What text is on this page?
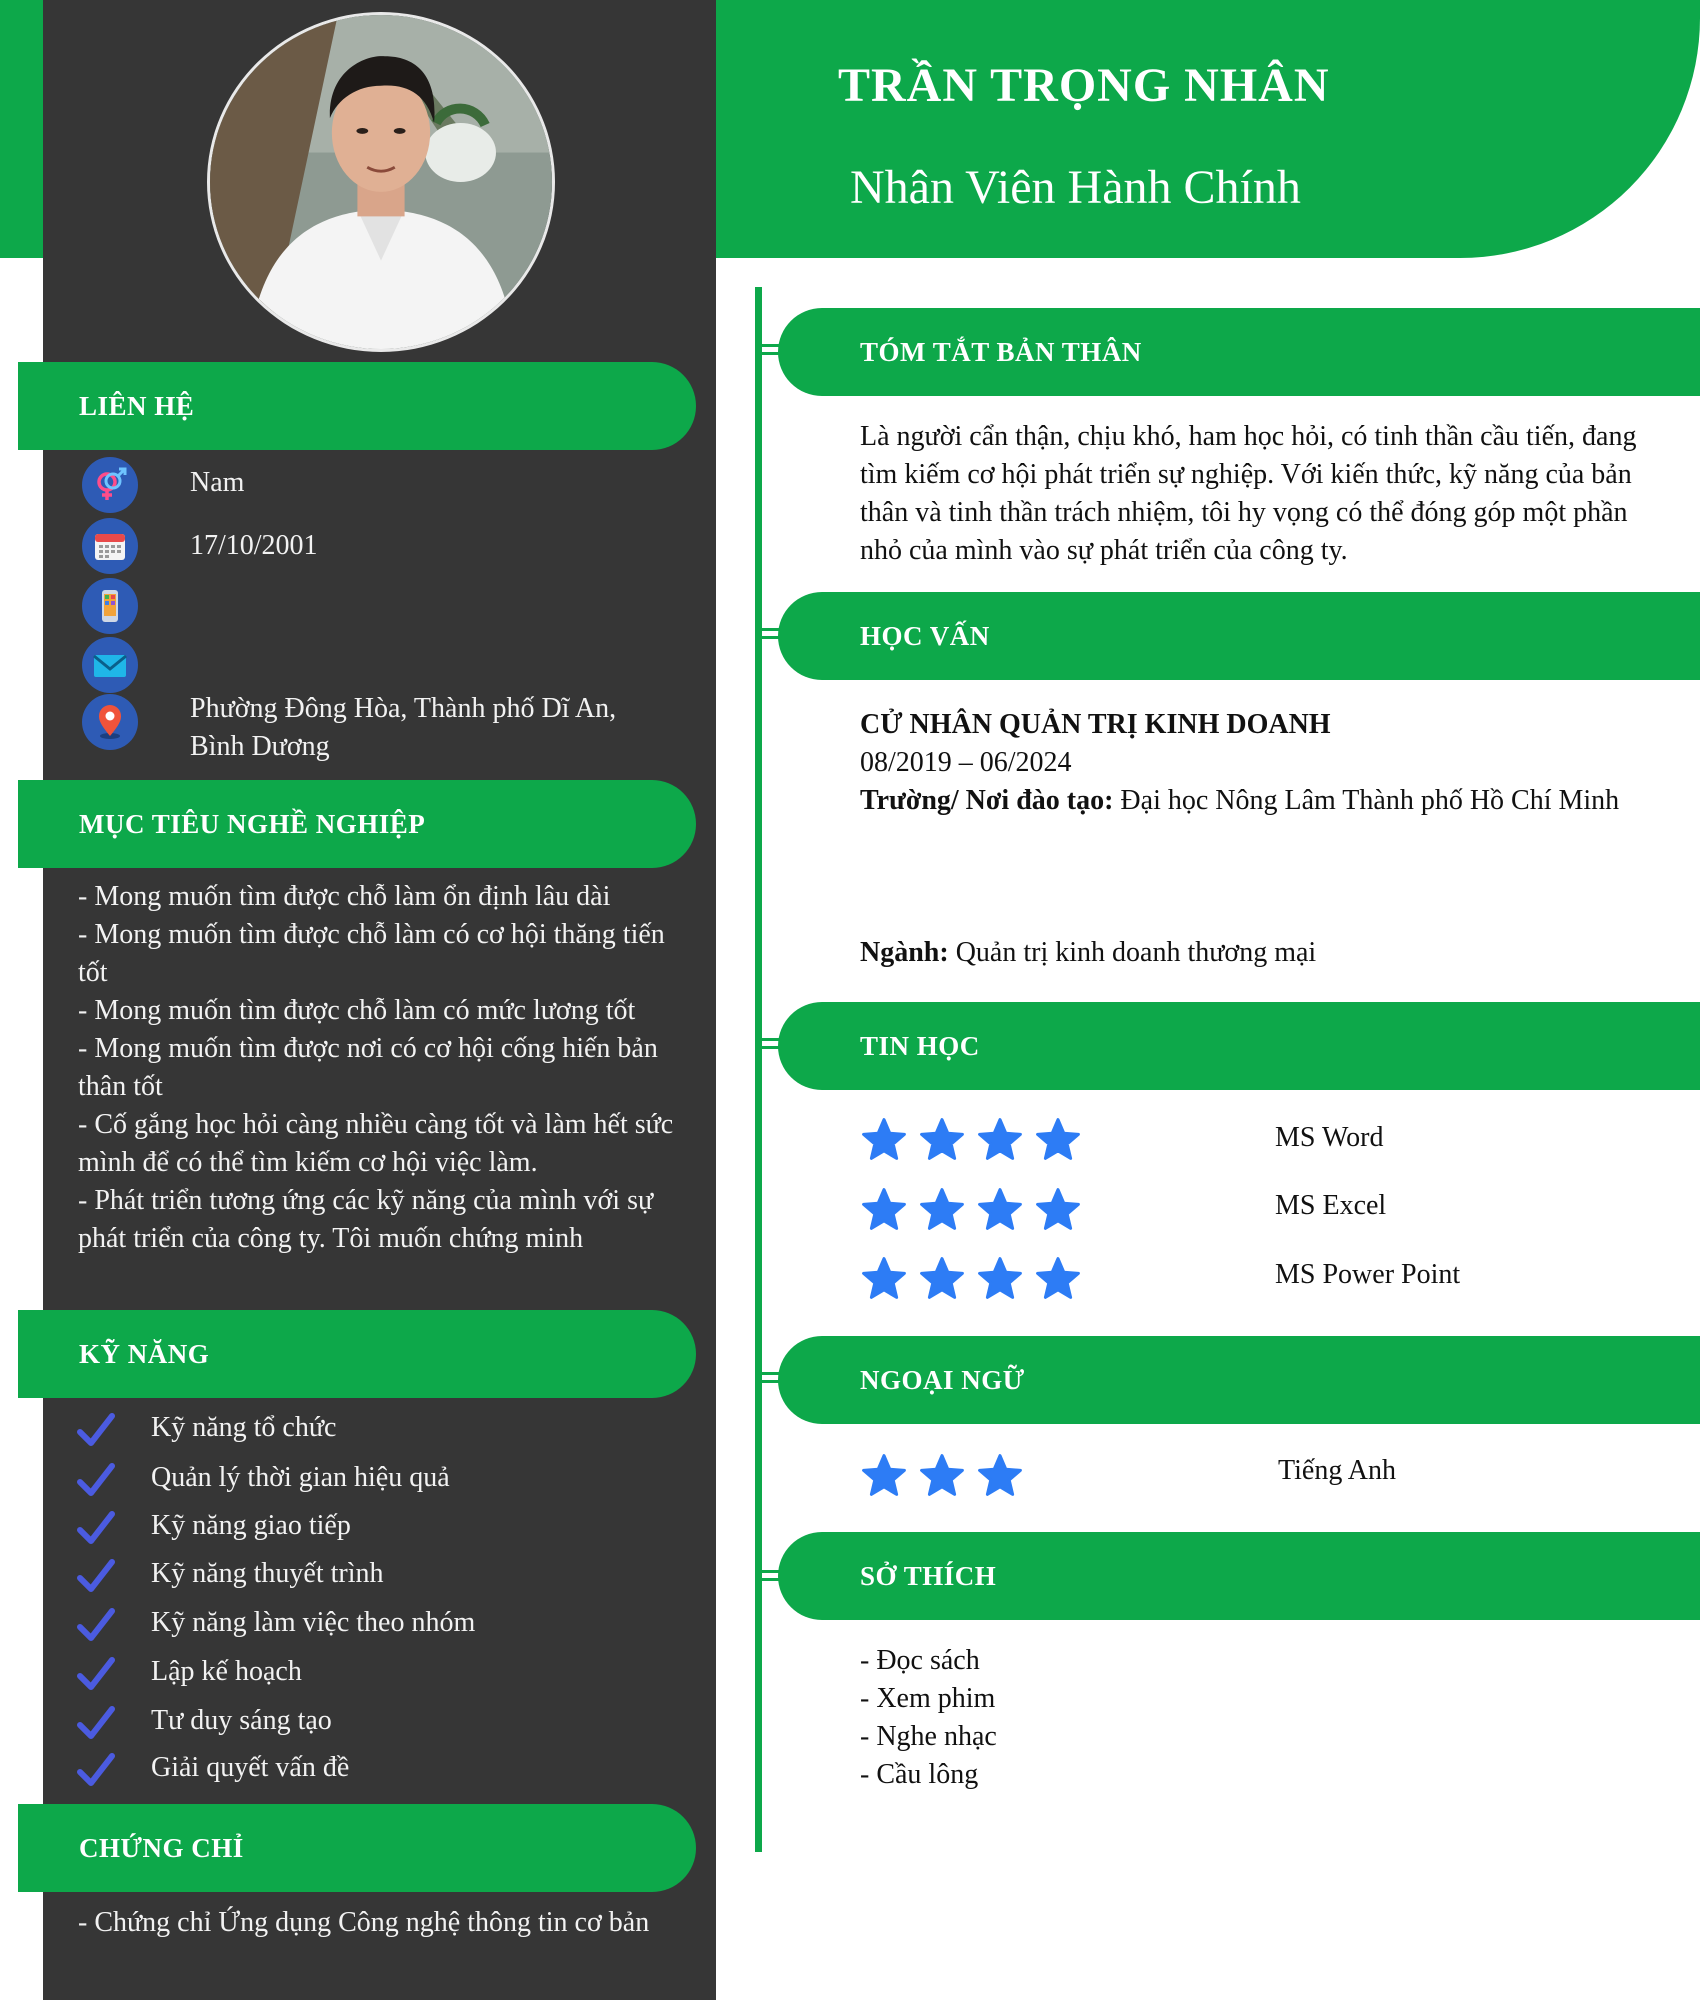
TRẦN TRỌNG NHÂN
Nhân Viên Hành Chính
LIÊN HỆ
Nam
17/10/2001
Phường Đông Hòa, Thành phố Dĩ An,
Bình Dương
MỤC TIÊU NGHỀ NGHIỆP
- Mong muốn tìm được chỗ làm ổn định lâu dài
- Mong muốn tìm được chỗ làm có cơ hội thăng tiến tốt
- Mong muốn tìm được chỗ làm có mức lương tốt
- Mong muốn tìm được nơi có cơ hội cống hiến bản thân tốt
- Cố gắng học hỏi càng nhiều càng tốt và làm hết sức mình để có thể tìm kiếm cơ hội việc làm.
- Phát triển tương ứng các kỹ năng của mình với sự phát triển của công ty. Tôi muốn chứng minh
KỸ NĂNG
Kỹ năng tổ chức
Quản lý thời gian hiệu quả
Kỹ năng giao tiếp
Kỹ năng thuyết trình
Kỹ năng làm việc theo nhóm
Lập kế hoạch
Tư duy sáng tạo
Giải quyết vấn đề
CHỨNG CHỈ
- Chứng chỉ Ứng dụng Công nghệ thông tin cơ bản
TÓM TẮT BẢN THÂN
Là người cẩn thận, chịu khó, ham học hỏi, có tinh thần cầu tiến, đang tìm kiếm cơ hội phát triển sự nghiệp. Với kiến thức, kỹ năng của bản thân và tinh thần trách nhiệm, tôi hy vọng có thể đóng góp một phần nhỏ của mình vào sự phát triển của công ty.
HỌC VẤN
CỬ NHÂN QUẢN TRỊ KINH DOANH
08/2019 – 06/2024
Trường/ Nơi đào tạo: Đại học Nông Lâm Thành phố Hồ Chí Minh
Ngành: Quản trị kinh doanh thương mại
TIN HỌC
MS Word
MS Excel
MS Power Point
NGOẠI NGỮ
Tiếng Anh
SỞ THÍCH
- Đọc sách
- Xem phim
- Nghe nhạc
- Cầu lông
